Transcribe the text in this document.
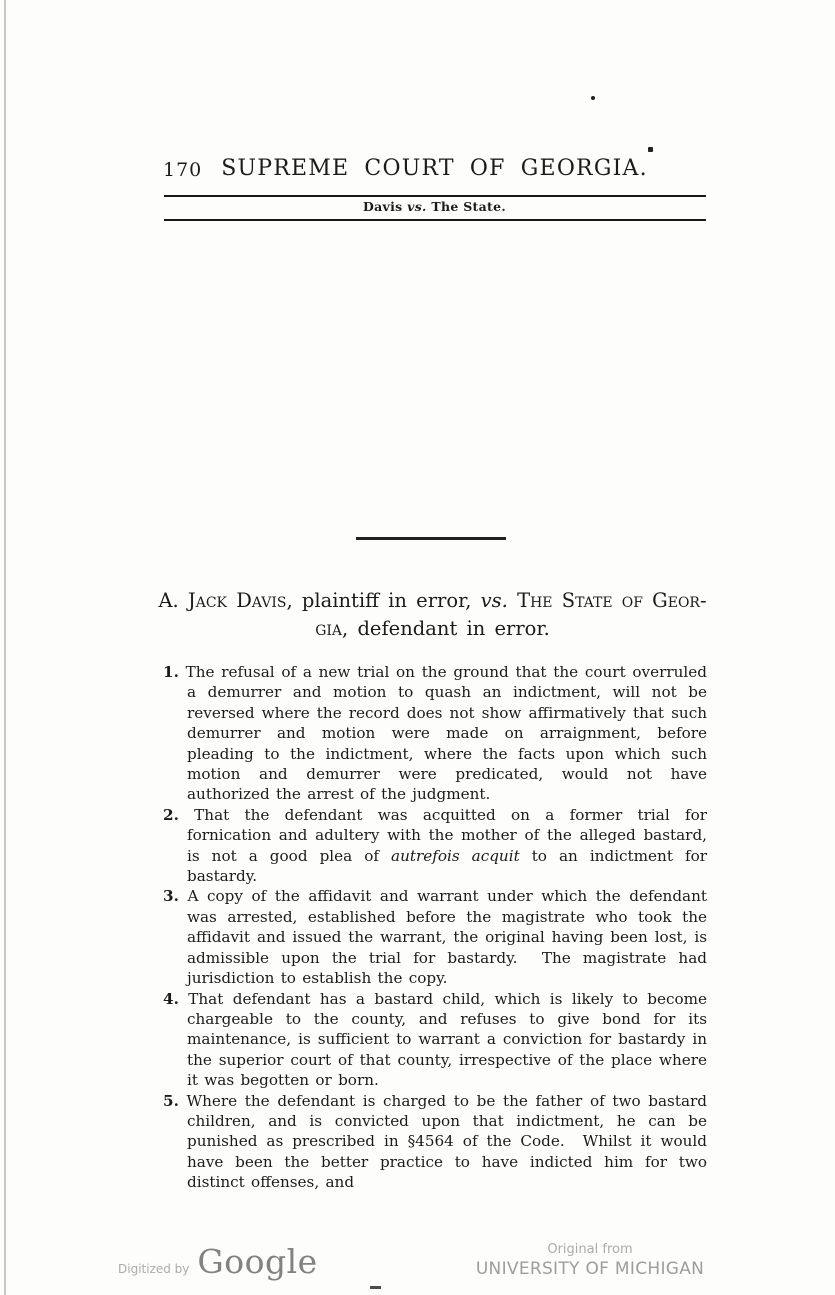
170 SUPREME COURT OF GEORGIA.
Davis vs. The State.
A. Jack Davis, plaintiff in error, vs. The State of Geor-
gia, defendant in error.
1. The refusal of a new trial on the ground that the court overruled a demurrer and motion to quash an indictment, will not be reversed where the record does not show affirmatively that such demurrer and motion were made on arraignment, before pleading to the indictment, where the facts upon which such motion and demurrer were predicated, would not have authorized the arrest of the judgment.
2. That the defendant was acquitted on a former trial for fornication and adultery with the mother of the alleged bastard, is not a good plea of autrefois acquit to an indictment for bastardy.
3. A copy of the affidavit and warrant under which the defendant was arrested, established before the magistrate who took the affidavit and issued the warrant, the original having been lost, is admissible upon the trial for bastardy.  The magistrate had jurisdiction to establish the copy.
4. That defendant has a bastard child, which is likely to become chargeable to the county, and refuses to give bond for its maintenance, is sufficient to warrant a conviction for bastardy in the superior court of that county, irrespective of the place where it was begotten or born.
5. Where the defendant is charged to be the father of two bastard children, and is convicted upon that indictment, he can be punished as prescribed in §4564 of the Code.  Whilst it would have been the better practice to have indicted him for two distinct offenses, and
Digitized by Google	Original from
UNIVERSITY OF MICHIGAN
